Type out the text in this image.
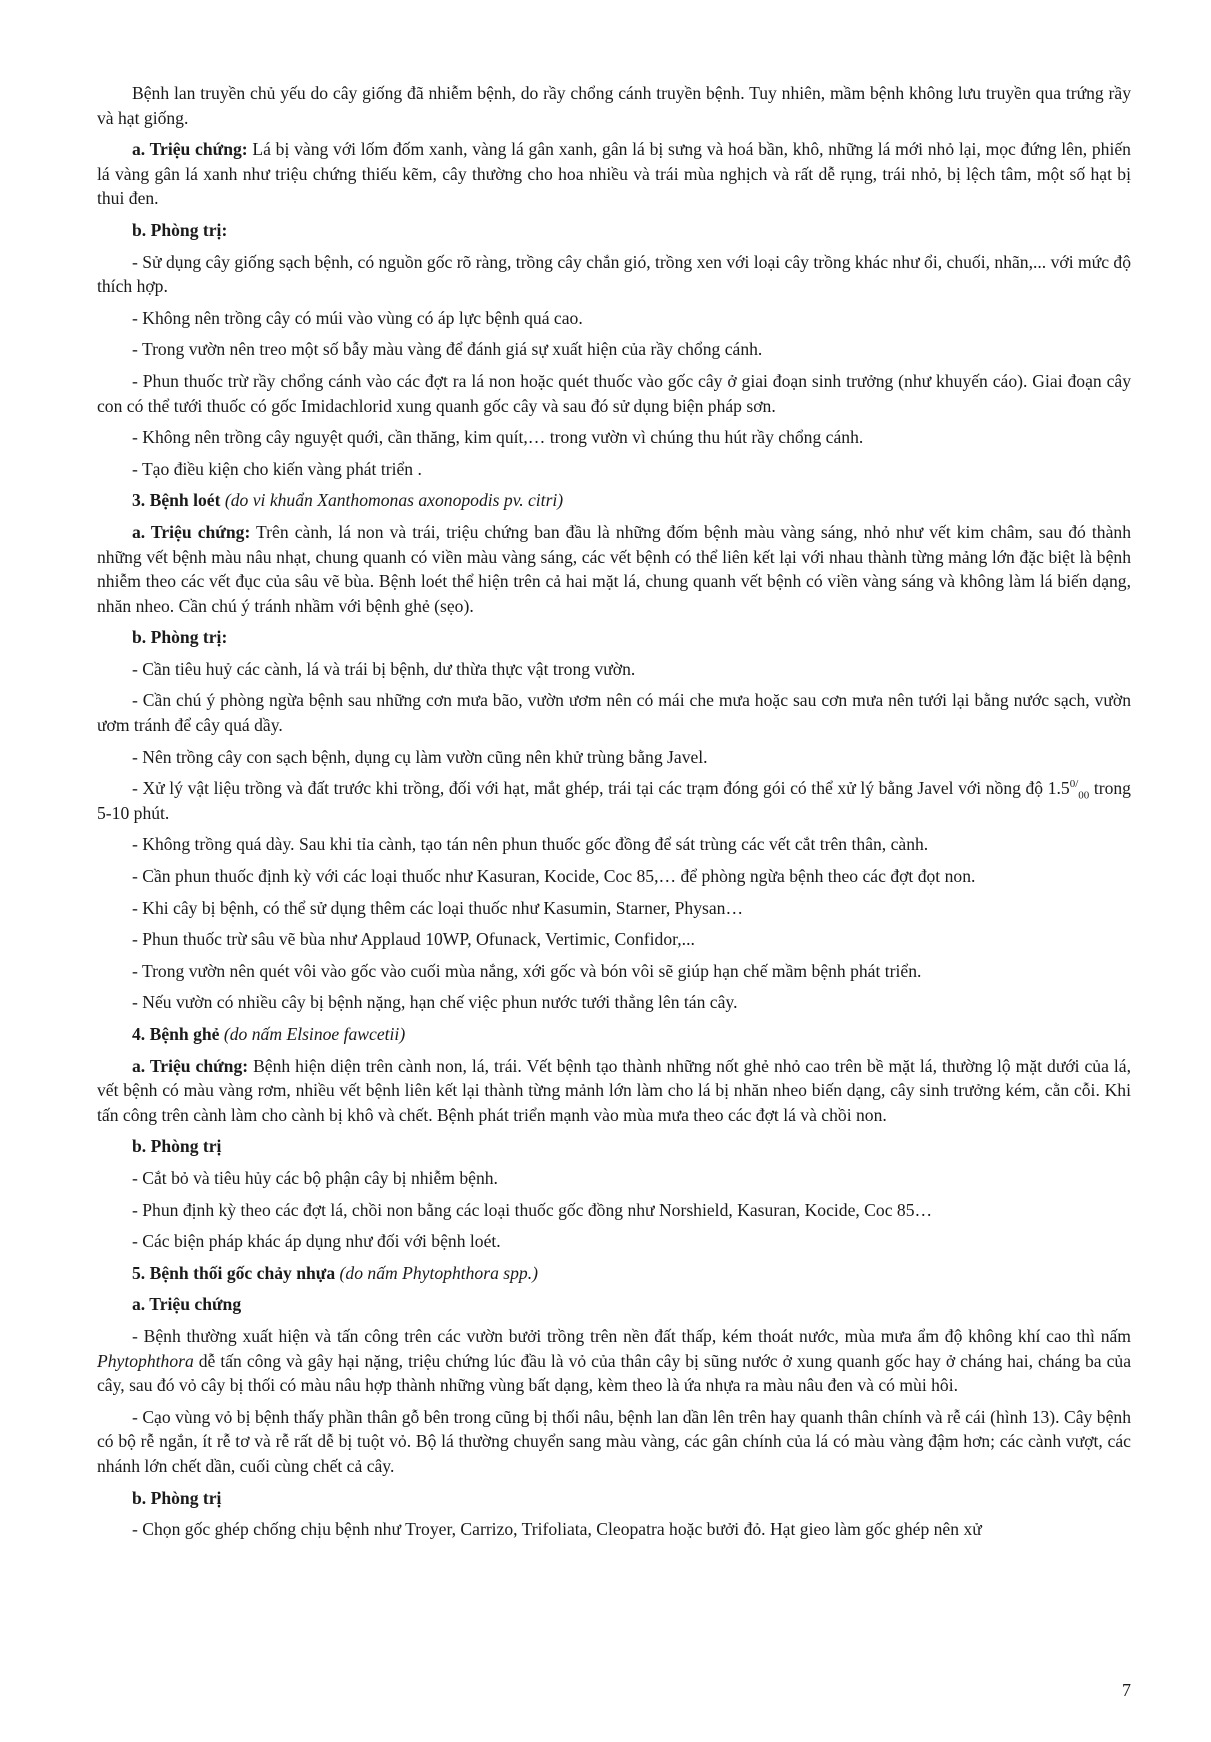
Bệnh lan truyền chủ yếu do cây giống đã nhiễm bệnh, do rầy chổng cánh truyền bệnh. Tuy nhiên, mầm bệnh không lưu truyền qua trứng rầy và hạt giống.

a. Triệu chứng: Lá bị vàng với lốm đốm xanh, vàng lá gân xanh, gân lá bị sưng và hoá bần, khô, những lá mới nhỏ lại, mọc đứng lên, phiến lá vàng gân lá xanh như triệu chứng thiếu kẽm, cây thường cho hoa nhiều và trái mùa nghịch và rất dễ rụng, trái nhỏ, bị lệch tâm, một số hạt bị thui đen.

b. Phòng trị:

- Sử dụng cây giống sạch bệnh, có nguồn gốc rõ ràng, trồng cây chắn gió, trồng xen với loại cây trồng khác như ổi, chuối, nhãn,... với mức độ thích hợp.

- Không nên trồng cây có múi vào vùng có áp lực bệnh quá cao.

- Trong vườn nên treo một số bẫy màu vàng để đánh giá sự xuất hiện của rầy chổng cánh.

- Phun thuốc trừ rầy chổng cánh vào các đợt ra lá non hoặc quét thuốc vào gốc cây ở giai đoạn sinh trưởng (như khuyến cáo). Giai đoạn cây con có thể tưới thuốc có gốc Imidachlorid xung quanh gốc cây và sau đó sử dụng biện pháp sơn.

- Không nên trồng cây nguyệt quới, cần thăng, kim quít,… trong vườn vì chúng thu hút rầy chổng cánh.

- Tạo điều kiện cho kiến vàng phát triển .

3. Bệnh loét (do vi khuẩn Xanthomonas axonopodis pv. citri)

a. Triệu chứng: Trên cành, lá non và trái, triệu chứng ban đầu là những đốm bệnh màu vàng sáng, nhỏ như vết kim châm, sau đó thành những vết bệnh màu nâu nhạt, chung quanh có viền màu vàng sáng, các vết bệnh có thể liên kết lại với nhau thành từng mảng lớn đặc biệt là bệnh nhiễm theo các vết đục của sâu vẽ bùa. Bệnh loét thể hiện trên cả hai mặt lá, chung quanh vết bệnh có viền vàng sáng và không làm lá biến dạng, nhăn nheo. Cần chú ý tránh nhầm với bệnh ghẻ (sẹo).

b. Phòng trị:

- Cần tiêu huỷ các cành, lá và trái bị bệnh, dư thừa thực vật trong vườn.

- Cần chú ý phòng ngừa bệnh sau những cơn mưa bão, vườn ươm nên có mái che mưa hoặc sau cơn mưa nên tưới lại bằng nước sạch, vườn ươm tránh để cây quá dầy.

- Nên trồng cây con sạch bệnh, dụng cụ làm vườn cũng nên khử trùng bằng Javel.

- Xử lý vật liệu trồng và đất trước khi trồng, đối với hạt, mắt ghép, trái tại các trạm đóng gói có thể xử lý bằng Javel với nồng độ $1.5^{0/}_{00}$ trong 5-10 phút.

- Không trồng quá dày. Sau khi tỉa cành, tạo tán nên phun thuốc gốc đồng để sát trùng các vết cắt trên thân, cành.

- Cần phun thuốc định kỳ với các loại thuốc như Kasuran, Kocide, Coc 85,… để phòng ngừa bệnh theo các đợt đọt non.

- Khi cây bị bệnh, có thể sử dụng thêm các loại thuốc như Kasumin, Starner, Physan…

- Phun thuốc trừ sâu vẽ bùa như Applaud 10WP, Ofunack, Vertimic, Confidor,...

- Trong vườn nên quét vôi vào gốc vào cuối mùa nắng, xới gốc và bón vôi sẽ giúp hạn chế mầm bệnh phát triển.

- Nếu vườn có nhiều cây bị bệnh nặng, hạn chế việc phun nước tưới thẳng lên tán cây.

4. Bệnh ghẻ (do nấm Elsinoe fawcetii)

a. Triệu chứng: Bệnh hiện diện trên cành non, lá, trái. Vết bệnh tạo thành những nốt ghẻ nhỏ cao trên bề mặt lá, thường lộ mặt dưới của lá, vết bệnh có màu vàng rơm, nhiều vết bệnh liên kết lại thành từng mảnh lớn làm cho lá bị nhăn nheo biến dạng, cây sinh trưởng kém, cằn cỗi. Khi tấn công trên cành làm cho cành bị khô và chết. Bệnh phát triển mạnh vào mùa mưa theo các đợt lá và chồi non.

b. Phòng trị

- Cắt bỏ và tiêu hủy các bộ phận cây bị nhiễm bệnh.

- Phun định kỳ theo các đợt lá, chồi non bằng các loại thuốc gốc đồng như Norshield, Kasuran, Kocide, Coc 85…

- Các biện pháp khác áp dụng như đối với bệnh loét.

5. Bệnh thối gốc chảy nhựa (do nấm Phytophthora spp.)

a. Triệu chứng

- Bệnh thường xuất hiện và tấn công trên các vườn bưởi trồng trên nền đất thấp, kém thoát nước, mùa mưa ẩm độ không khí cao thì nấm Phytophthora dễ tấn công và gây hại nặng, triệu chứng lúc đầu là vỏ của thân cây bị sũng nước ở xung quanh gốc hay ở cháng hai, cháng ba của cây, sau đó vỏ cây bị thối có màu nâu hợp thành những vùng bất dạng, kèm theo là ứa nhựa ra màu nâu đen và có mùi hôi.

- Cạo vùng vỏ bị bệnh thấy phần thân gỗ bên trong cũng bị thối nâu, bệnh lan dần lên trên hay quanh thân chính và rễ cái (hình 13). Cây bệnh có bộ rễ ngắn, ít rễ tơ và rễ rất dễ bị tuột vỏ. Bộ lá thường chuyển sang màu vàng, các gân chính của lá có màu vàng đậm hơn; các cành vượt, các nhánh lớn chết dần, cuối cùng chết cả cây.

b. Phòng trị

- Chọn gốc ghép chống chịu bệnh như Troyer, Carrizo, Trifoliata, Cleopatra hoặc bưởi đỏ. Hạt gieo làm gốc ghép nên xử

7
